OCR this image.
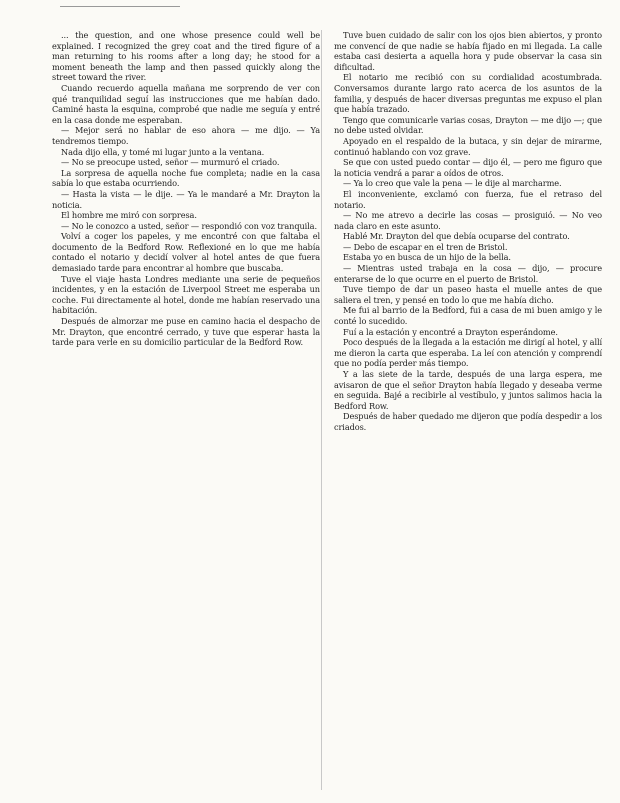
... the question, and one whose presence could well be explained. I recognized the grey coat and the tired figure of a man returning to his rooms after a long day; he stood for a moment beneath the lamp and then passed quickly along the street toward the river.

Cuando recuerdo aquella mañana me sorprendo de ver con qué tranquilidad seguí las instrucciones que me habían dado. Caminé hasta la esquina, comprobé que nadie me seguía y entré en la casa donde me esperaban.

— Mejor será no hablar de eso ahora — me dijo. — Ya tendremos tiempo.

Nada dijo ella, y tomé mi lugar junto a la ventana.

— No se preocupe usted, señor — murmuró el criado.

La sorpresa de aquella noche fue completa; nadie en la casa sabía lo que estaba ocurriendo.

— Hasta la vista — le dije. — Ya le mandaré a Mr. Drayton la noticia.

El hombre me miró con sorpresa.

— No le conozco a usted, señor — respondió con voz tranquila.

Volví a coger los papeles, y me encontré con que faltaba el documento de la Bedford Row. Reflexioné en lo que me había contado el notario y decidí volver al hotel antes de que fuera demasiado tarde para encontrar al hombre que buscaba.

Tuve el viaje hasta Londres mediante una serie de pequeños incidentes, y en la estación de Liverpool Street me esperaba un coche. Fui directamente al hotel, donde me habían reservado una habitación.

Después de almorzar me puse en camino hacia el despacho de Mr. Drayton, que encontré cerrado, y tuve que esperar hasta la tarde para verle en su domicilio particular de la Bedford Row.

Tuve buen cuidado de salir con los ojos bien abiertos, y pronto me convencí de que nadie se había fijado en mi llegada. La calle estaba casi desierta a aquella hora y pude observar la casa sin dificultad.

El notario me recibió con su cordialidad acostumbrada. Conversamos durante largo rato acerca de los asuntos de la familia, y después de hacer diversas preguntas me expuso el plan que había trazado.

Tengo que comunicarle varias cosas, Drayton — me dijo —; que no debe usted olvidar.

Apoyado en el respaldo de la butaca, y sin dejar de mirarme, continuó hablando con voz grave.

Se que con usted puedo contar — dijo él, — pero me figuro que la noticia vendrá a parar a oídos de otros.

— Ya lo creo que vale la pena — le dije al marcharme.

El inconveniente, exclamó con fuerza, fue el retraso del notario.

— No me atrevo a decirle las cosas — prosiguió. — No veo nada claro en este asunto.

Hablé Mr. Drayton del que debía ocuparse del contrato.

— Debo de escapar en el tren de Bristol.

Estaba yo en busca de un hijo de la bella.

— Mientras usted trabaja en la cosa — dijo, — procure enterarse de lo que ocurre en el puerto de Bristol.

Tuve tiempo de dar un paseo hasta el muelle antes de que saliera el tren, y pensé en todo lo que me había dicho.

Me fui al barrio de la Bedford, fui a casa de mi buen amigo y le conté lo sucedido.

Fuí a la estación y encontré a Drayton esperándome.

Poco después de la llegada a la estación me dirigí al hotel, y allí me dieron la carta que esperaba. La leí con atención y comprendí que no podía perder más tiempo.

Y a las siete de la tarde, después de una larga espera, me avisaron de que el señor Drayton había llegado y deseaba verme en seguida. Bajé a recibirle al vestíbulo, y juntos salimos hacia la Bedford Row.

Después de haber quedado me dijeron que podía despedir a los criados.
